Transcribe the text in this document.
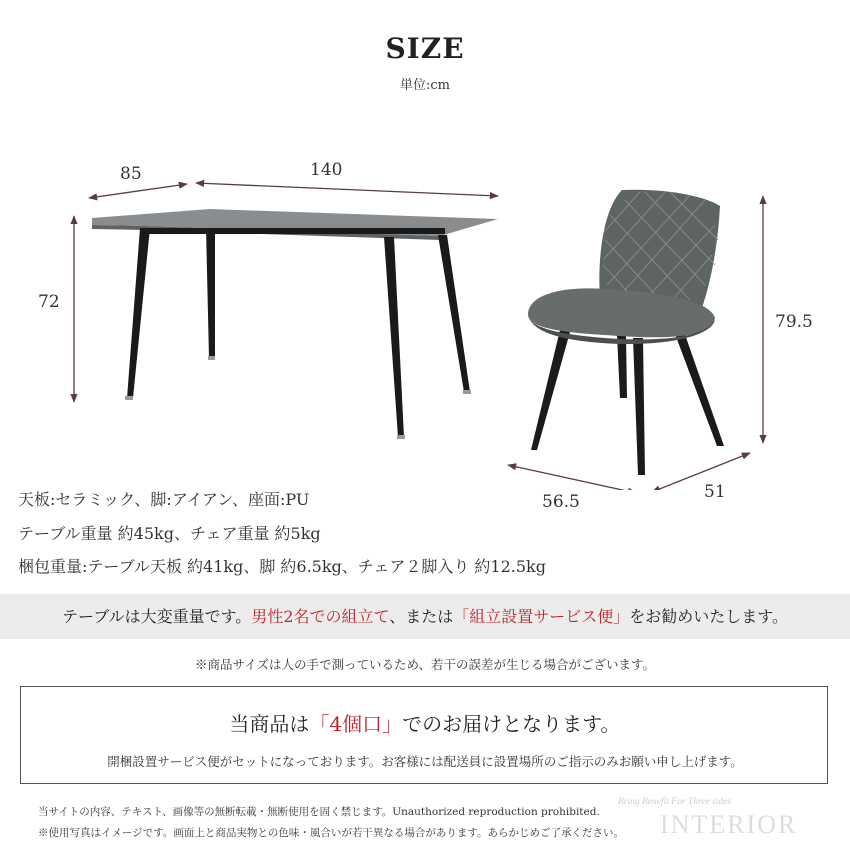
SIZE
単位:cm
85	140
72
79.5
56.5	51
天板:セラミック、脚:アイアン、座面:PU
テーブル重量 約45kg、チェア重量 約5kg
梱包重量:テーブル天板 約41kg、脚 約6.5kg、チェア２脚入り 約12.5kg
テーブルは大変重量です。男性2名での組立て、または「組立設置サービス便」をお勧めいたします。
※商品サイズは人の手で測っているため、若干の誤差が生じる場合がございます。
当商品は「4個口」でのお届けとなります。
開梱設置サービス便がセットになっております。お客様には配送員に設置場所のご指示のみお願い申し上げます。
当サイトの内容、テキスト、画像等の無断転載・無断使用を固く禁じます。Unauthorized reproduction prohibited.
※使用写真はイメージです。画面上と商品実物との色味・風合いが若干異なる場合があります。あらかじめご了承ください。
Bring Benefit For Three sides
INTERIOR
